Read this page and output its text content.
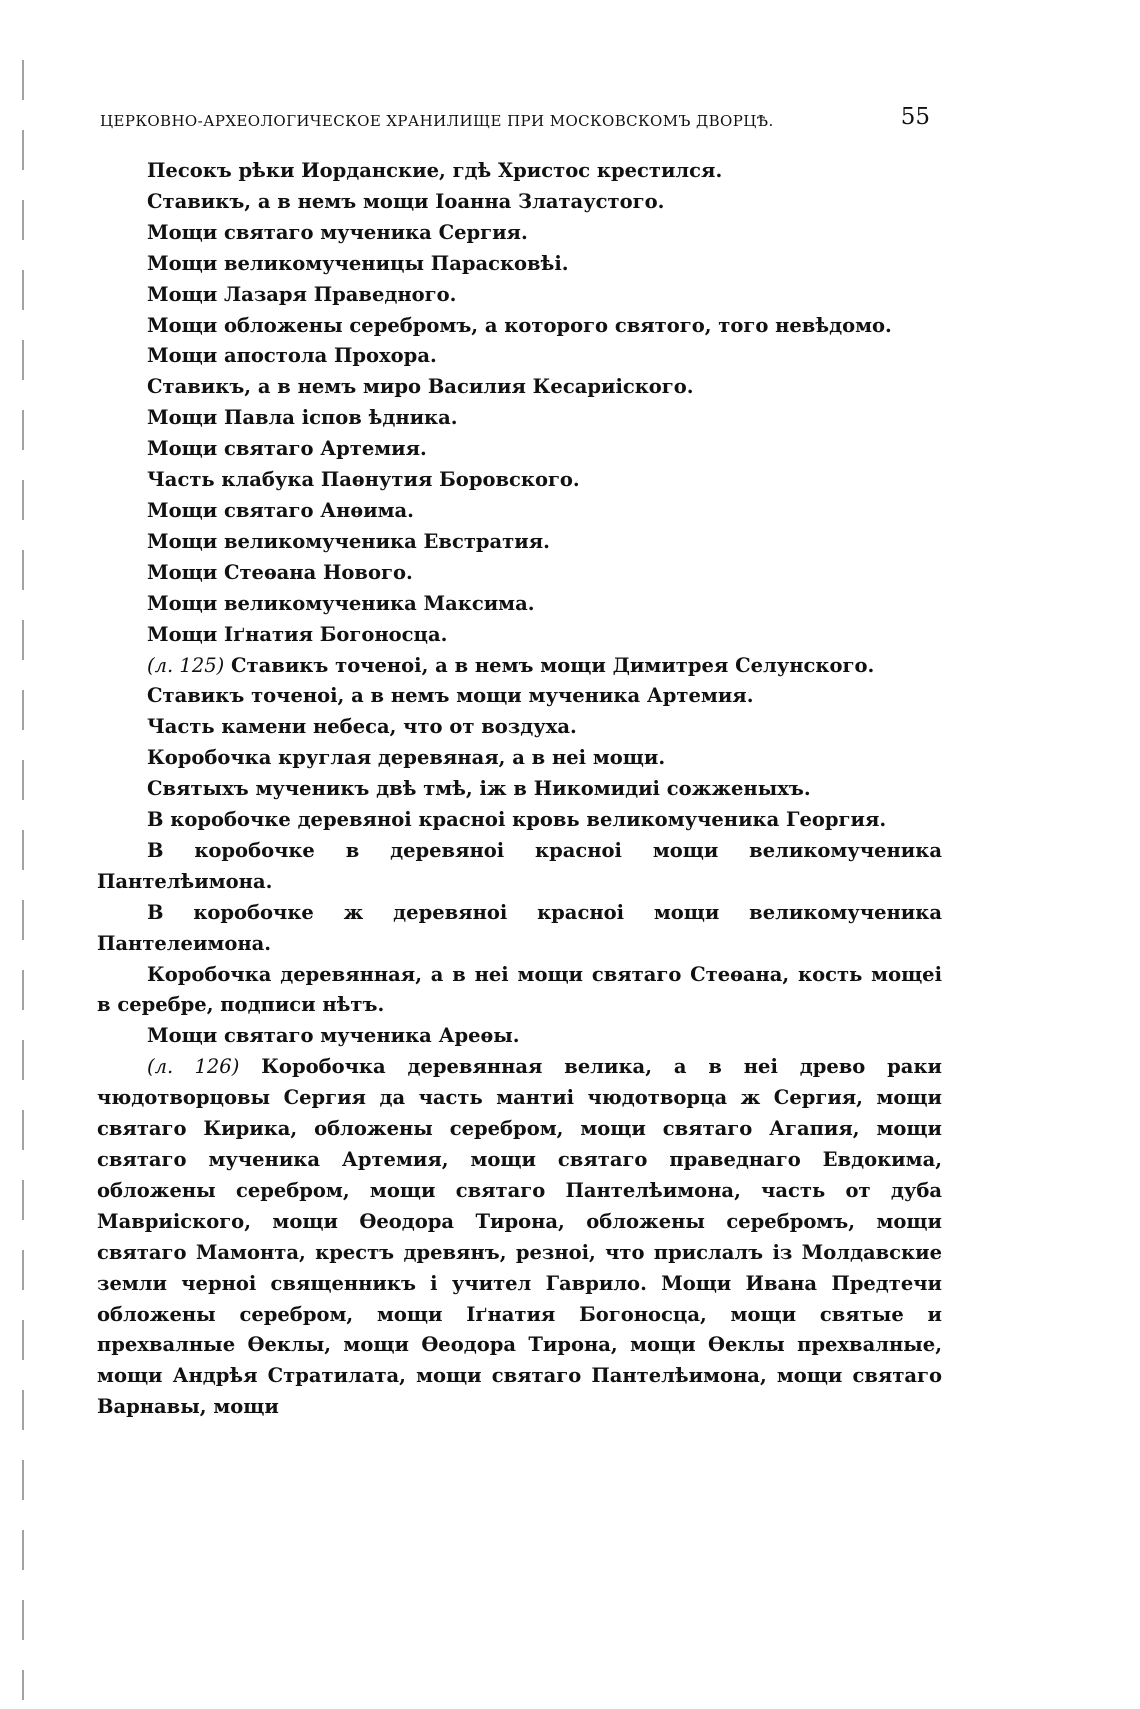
ЦЕРКОВНО-АРХЕОЛОГИЧЕСКОЕ ХРАНИЛИЩЕ ПРИ МОСКОВСКОМЪ ДВОРЦѢ.	55
Песокъ рѣки Иорданские, гдѣ Христос крестился.
Ставикъ, а в немъ мощи Іоанна Златаустого.
Мощи святаго мученика Сергия.
Мощи великомученицы Парасковѣі.
Мощи Лазаря Праведного.
Мощи обложены серебромъ, а которого святого, того невѣдомо.
Мощи апостола Прохора.
Ставикъ, а в немъ миро Василия Кесариіского.
Мощи Павла іспов ѣдника.
Мощи святаго Артемия.
Часть клабука Паѳнутия Боровского.
Мощи святаго Анѳима.
Мощи великомученика Евстратия.
Мощи Стеѳана Нового.
Мощи великомученика Максима.
Мощи Іґнатия Богоносца.
(л. 125) Ставикъ точеноі, а в немъ мощи Димитрея Селунского.
Ставикъ точеноі, а в немъ мощи мученика Артемия.
Часть камени небеса, что от воздуха.
Коробочка круглая деревяная, а в неі мощи.
Святыхъ мученикъ двѣ тмѣ, іж в Никомидиі сожженыхъ.
В коробочке деревяноі красноі кровь великомученика Георгия.
В коробочке в деревяноі красноі мощи великомученика Пантелѣимона.
В коробочке ж деревяноі красноі мощи великомученика Пантелеимона.
Коробочка деревянная, а в неі мощи святаго Стеѳана, кость мощеі в серебре, подписи нѣтъ.
Мощи святаго мученика Ареѳы.
(л. 126) Коробочка деревянная велика, а в неі древо раки чюдотворцовы Сергия да часть мантиі чюдотворца ж Сергия, мощи святаго Кирика, обложены серебром, мощи святаго Агапия, мощи святаго мученика Артемия, мощи святаго праведнаго Евдокима, обложены серебром, мощи святаго Пантелѣимона, часть от дуба Мавриіского, мощи Ѳеодора Тирона, обложены серебромъ, мощи святаго Мамонта, крестъ древянъ, резноі, что прислалъ із Молдавские земли черноі священникъ і учител Гаврило. Мощи Ивана Предтечи обложены серебром, мощи Іґнатия Богоносца, мощи святые и прехвалные Ѳеклы, мощи Ѳеодора Тирона, мощи Ѳеклы прехвалные, мощи Андрѣя Стратилата, мощи святаго Пантелѣимона, мощи святаго Варнавы, мощи
